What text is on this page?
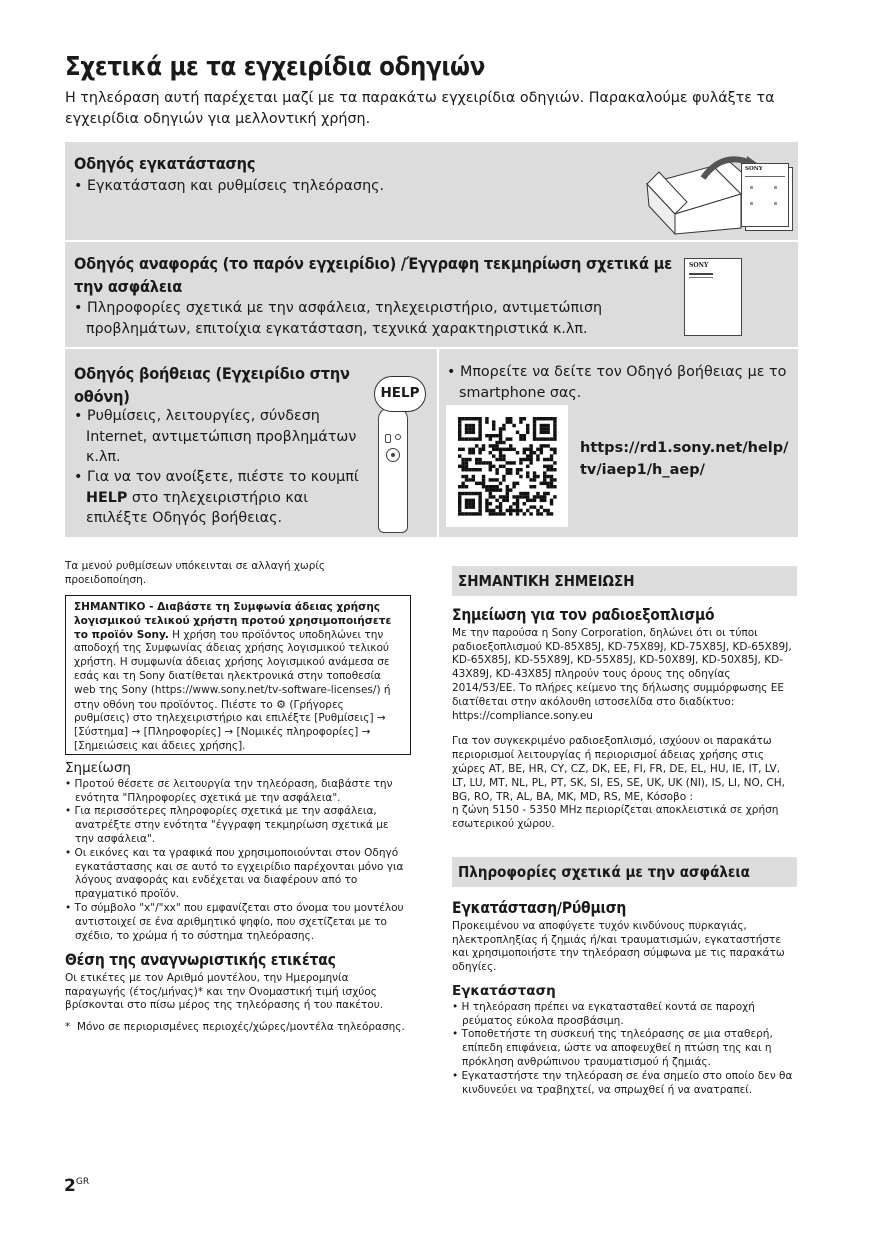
Σχετικά με τα εγχειρίδια οδηγιών
Η τηλεόραση αυτή παρέχεται μαζί με τα παρακάτω εγχειρίδια οδηγιών. Παρακαλούμε φυλάξτε τα εγχειρίδια οδηγιών για μελλοντική χρήση.
Οδηγός εγκατάστασης
• Εγκατάσταση και ρυθμίσεις τηλεόρασης.
SONY
Οδηγός αναφοράς (το παρόν εγχειρίδιο) /Έγγραφη τεκμηρίωση σχετικά με
την ασφάλεια
• Πληροφορίες σχετικά με την ασφάλεια, τηλεχειριστήριο, αντιμετώπιση προβλημάτων, επιτοίχια εγκατάσταση, τεχνικά χαρακτηριστικά κ.λπ.
SONY
Οδηγός βοήθειας (Εγχειρίδιο στην
οθόνη)
• Ρυθμίσεις, λειτουργίες, σύνδεση Internet, αντιμετώπιση προβλημάτων κ.λπ.
• Για να τον ανοίξετε, πιέστε το κουμπί HELP στο τηλεχειριστήριο και επιλέξτε Οδηγός βοήθειας.
HELP
• Μπορείτε να δείτε τον Οδηγό βοήθειας με το smartphone σας.
https://rd1.sony.net/help/
tv/iaep1/h_aep/
Τα μενού ρυθμίσεων υπόκεινται σε αλλαγή χωρίς προειδοποίηση.
ΣΗΜΑΝΤΙΚΟ - Διαβάστε τη Συμφωνία άδειας χρήσης λογισμικού τελικού χρήστη προτού χρησιμοποιήσετε το προϊόν Sony. Η χρήση του προϊόντος υποδηλώνει την αποδοχή της Συμφωνίας άδειας χρήσης λογισμικού τελικού χρήστη. Η συμφωνία άδειας χρήσης λογισμικού ανάμεσα σε εσάς και τη Sony διατίθεται ηλεκτρονικά στην τοποθεσία web της Sony (https://www.sony.net/tv-software-licenses/) ή στην οθόνη του προϊόντος. Πιέστε το ⚙ (Γρήγορες ρυθμίσεις) στο τηλεχειριστήριο και επιλέξτε [Ρυθμίσεις] → [Σύστημα] → [Πληροφορίες] → [Νομικές πληροφορίες] → [Σημειώσεις και άδειες χρήσης].
Σημείωση
• Προτού θέσετε σε λειτουργία την τηλεόραση, διαβάστε την ενότητα "Πληροφορίες σχετικά με την ασφάλεια".
• Για περισσότερες πληροφορίες σχετικά με την ασφάλεια, ανατρέξτε στην ενότητα "έγγραφη τεκμηρίωση σχετικά με την ασφάλεια".
• Οι εικόνες και τα γραφικά που χρησιμοποιούνται στον Οδηγό εγκατάστασης και σε αυτό το εγχειρίδιο παρέχονται μόνο για λόγους αναφοράς και ενδέχεται να διαφέρουν από το πραγματικό προϊόν.
• Το σύμβολο "x"/"xx" που εμφανίζεται στο όνομα του μοντέλου αντιστοιχεί σε ένα αριθμητικό ψηφίο, που σχετίζεται με το σχέδιο, το χρώμα ή το σύστημα τηλεόρασης.
Θέση της αναγνωριστικής ετικέτας
Οι ετικέτες με τον Αριθμό μοντέλου, την Ημερομηνία παραγωγής (έτος/μήνας)* και την Ονομαστική τιμή ισχύος βρίσκονται στο πίσω μέρος της τηλεόρασης ή του πακέτου.
* Μόνο σε περιορισμένες περιοχές/χώρες/μοντέλα τηλεόρασης.
ΣΗΜΑΝΤΙΚΗ ΣΗΜΕΙΩΣΗ
Σημείωση για τον ραδιοεξοπλισμό
Με την παρούσα η Sony Corporation, δηλώνει ότι οι τύποι ραδιοεξοπλισμού KD-85X85J, KD-75X89J, KD-75X85J, KD-65X89J, KD-65X85J, KD-55X89J, KD-55X85J, KD-50X89J, KD-50X85J, KD-43X89J, KD-43X85J πληρούν τους όρους της οδηγίας 2014/53/EE. Το πλήρες κείμενο της δήλωσης συμμόρφωσης ΕΕ διατίθεται στην ακόλουθη ιστοσελίδα στο διαδίκτυο:
https://compliance.sony.eu
Για τον συγκεκριμένο ραδιοεξοπλισμό, ισχύουν οι παρακάτω περιορισμοί λειτουργίας ή περιορισμοί άδειας χρήσης στις χώρες AT, BE, HR, CY, CZ, DK, EE, FI, FR, DE, EL, HU, IE, IT, LV, LT, LU, MT, NL, PL, PT, SK, SI, ES, SE, UK, UK (NI), IS, LI, NO, CH, BG, RO, TR, AL, BA, MK, MD, RS, ME, Κόσοβο :
η ζώνη 5150 - 5350 MHz περιορίζεται αποκλειστικά σε χρήση εσωτερικού χώρου.
Πληροφορίες σχετικά με την ασφάλεια
Εγκατάσταση/Ρύθμιση
Προκειμένου να αποφύγετε τυχόν κινδύνους πυρκαγιάς, ηλεκτροπληξίας ή ζημιάς ή/και τραυματισμών, εγκαταστήστε και χρησιμοποιήστε την τηλεόραση σύμφωνα με τις παρακάτω οδηγίες.
Εγκατάσταση
• Η τηλεόραση πρέπει να εγκατασταθεί κοντά σε παροχή ρεύματος εύκολα προσβάσιμη.
• Τοποθετήστε τη συσκευή της τηλεόρασης σε μια σταθερή, επίπεδη επιφάνεια, ώστε να αποφευχθεί η πτώση της και η πρόκληση ανθρώπινου τραυματισμού ή ζημιάς.
• Εγκαταστήστε την τηλεόραση σε ένα σημείο στο οποίο δεν θα κινδυνεύει να τραβηχτεί, να σπρωχθεί ή να ανατραπεί.
$2^{GR}$
